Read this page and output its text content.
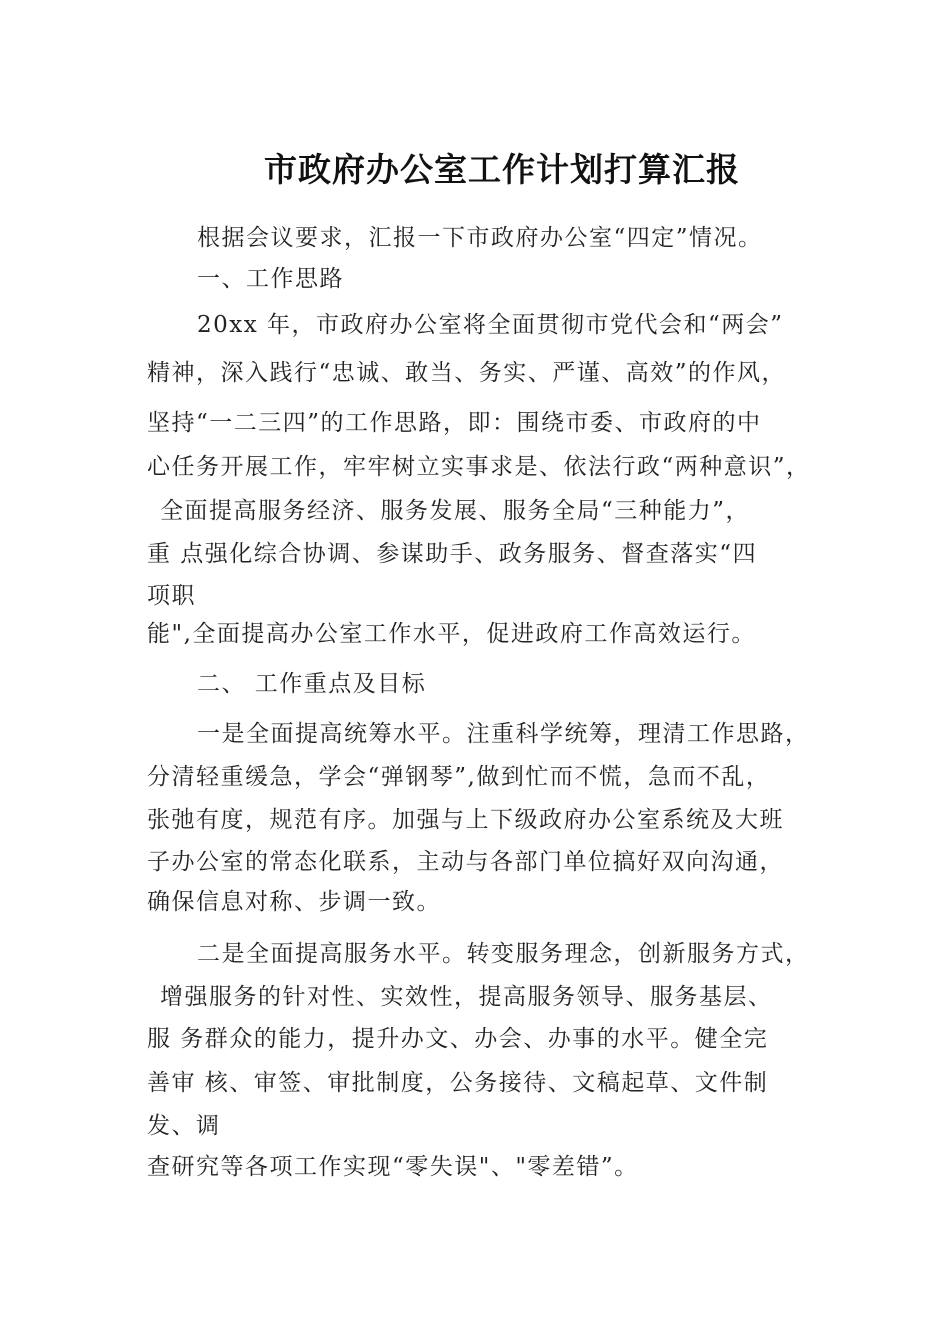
市政府办公室工作计划打算汇报
根据会议要求，汇报一下市政府办公室“四定”情况。
一、工作思路
20xx 年，市政府办公室将全面贯彻市党代会和“两会”
精神，深入践行“忠诚、敢当、务实、严谨、高效”的作风，
坚持“一二三四”的工作思路，即：围绕市委、市政府的中
心任务开展工作，牢牢树立实事求是、依法行政“两种意识”，
全面提高服务经济、服务发展、服务全局“三种能力”，
重 点强化综合协调、参谋助手、政务服务、督查落实“四
项职
能",全面提高办公室工作水平，促进政府工作高效运行。
二、 工作重点及目标
一是全面提高统筹水平。注重科学统筹，理清工作思路，
分清轻重缓急，学会“弹钢琴”,做到忙而不慌，急而不乱，
张弛有度，规范有序。加强与上下级政府办公室系统及大班
子办公室的常态化联系，主动与各部门单位搞好双向沟通，
确保信息对称、步调一致。
二是全面提高服务水平。转变服务理念，创新服务方式，
增强服务的针对性、实效性，提高服务领导、服务基层、
服 务群众的能力，提升办文、办会、办事的水平。健全完
善审 核、审签、审批制度，公务接待、文稿起草、文件制
发、调
查研究等各项工作实现“零失误"、"零差错”。
